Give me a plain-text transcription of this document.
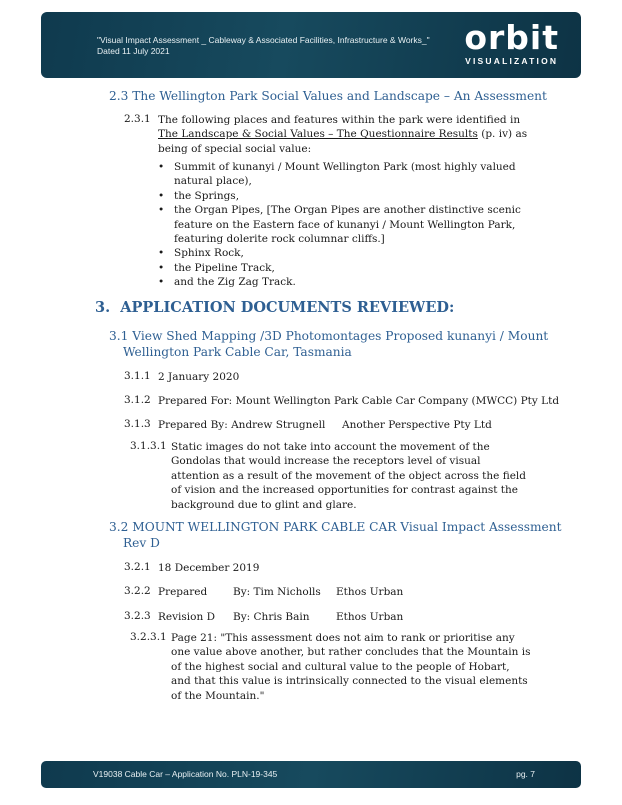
"Visual Impact Assessment _ Cableway & Associated Facilities, Infrastructure & Works_"
Dated 11 July 2021	orbit
VISUALIZATION
2.3 The Wellington Park Social Values and Landscape – An Assessment
2.3.1 The following places and features within the park were identified in The Landscape & Social Values – The Questionnaire Results (p. iv) as being of special social value:
• Summit of kunanyi / Mount Wellington Park (most highly valued natural place),
• the Springs,
• the Organ Pipes, [The Organ Pipes are another distinctive scenic feature on the Eastern face of kunanyi / Mount Wellington Park, featuring dolerite rock columnar cliffs.]
• Sphinx Rock,
• the Pipeline Track,
• and the Zig Zag Track.
3. APPLICATION DOCUMENTS REVIEWED:
3.1 View Shed Mapping /3D Photomontages Proposed kunanyi / Mount
Wellington Park Cable Car, Tasmania
3.1.1 2 January 2020
3.1.2 Prepared For: Mount Wellington Park Cable Car Company (MWCC) Pty Ltd
3.1.3 Prepared By: Andrew Strugnell     Another Perspective Pty Ltd
3.1.3.1 Static images do not take into account the movement of the Gondolas that would increase the receptors level of visual attention as a result of the movement of the object across the field of vision and the increased opportunities for contrast against the background due to glint and glare.
3.2 MOUNT WELLINGTON PARK CABLE CAR Visual Impact Assessment
Rev D
3.2.1 18 December 2019
3.2.2 Prepared By: Tim Nicholls Ethos Urban
3.2.3 Revision D By: Chris Bain	Ethos Urban
3.2.3.1 Page 21: "This assessment does not aim to rank or prioritise any one value above another, but rather concludes that the Mountain is of the highest social and cultural value to the people of Hobart, and that this value is intrinsically connected to the visual elements of the Mountain."
V19038 Cable Car – Application No. PLN-19-345	pg. 7
